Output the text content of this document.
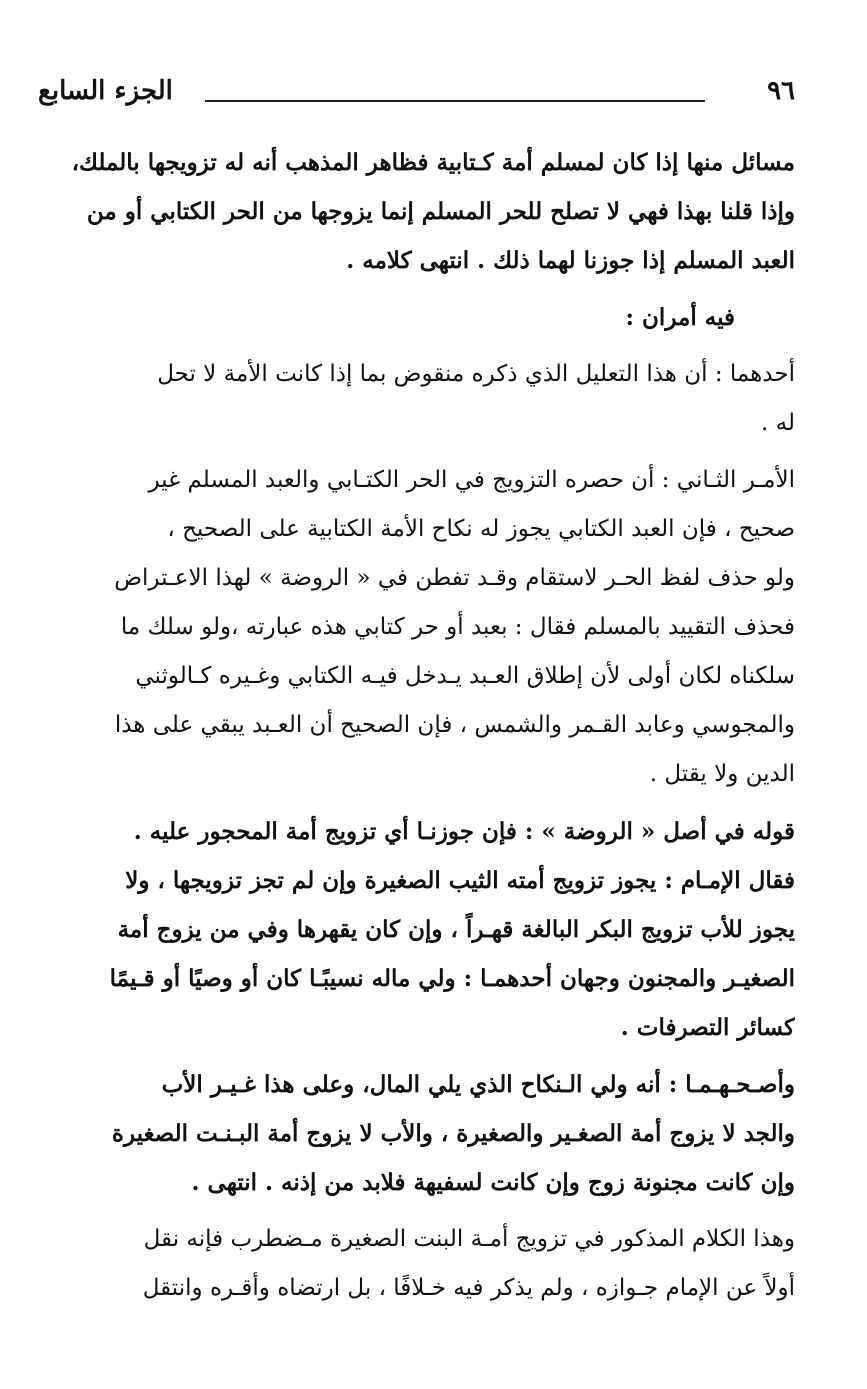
٩٦
الجزء السابع
مسائل منها إذا كان لمسلم أمة كـتابية فظاهر المذهب أنه له تزويجها بالملك،
وإذا قلنا بهذا فهي لا تصلح للحر المسلم إنما يزوجها من الحر الكتابي أو من
العبد المسلم إذا جوزنا لهما ذلك . انتهى كلامه .
فيه أمران :
أحدهما : أن هذا التعليل الذي ذكره منقوض بما إذا كانت الأمة لا تحل
له .
الأمـر الثـاني : أن حصره التزويج في الحر الكتـابي والعبد المسلم غير
صحيح ، فإن العبد الكتابي يجوز له نكاح الأمة الكتابية على الصحيح ،
ولو حذف لفظ الحـر لاستقام وقـد تفطن في « الروضة » لهذا الاعـتراض
فحذف التقييد بالمسلم فقال : بعبد أو حر كتابي هذه عبارته ،ولو سلك ما
سلكناه لكان أولى لأن إطلاق العـبد يـدخل فيـه الكتابي وغـيره كـالوثني
والمجوسي وعابد القـمر والشمس ، فإن الصحيح أن العـبد يبقي على هذا
الدين ولا يقتل .
قوله في أصل « الروضة » : فإن جوزنـا أي تزويج أمة المحجور عليه .
فقال الإمـام : يجوز تزويج أمته الثيب الصغيرة وإن لم تجز تزويجها ، ولا
يجوز للأب تزويج البكر البالغة قهـراً ، وإن كان يقهرها وفي من يزوج أمة
الصغيـر والمجنون وجهان أحدهمـا : ولي ماله نسيبًـا كان أو وصيًا أو قـيمًا
كسائر التصرفات .
وأصـحـهـمـا : أنه ولي الـنكاح الذي يلي المال، وعلى هذا غـيـر الأب
والجد لا يزوج أمة الصغـير والصغيرة ، والأب لا يزوج أمة البـنـت الصغيرة
وإن كانت مجنونة زوج وإن كانت لسفيهة فلابد من إذنه . انتهى .
وهذا الكلام المذكور في تزويج أمـة البنت الصغيرة مـضطرب فإنه نقل
أولاً عن الإمام جـوازه ، ولم يذكر فيه خـلافًا ، بل ارتضاه وأقـره وانتقل
